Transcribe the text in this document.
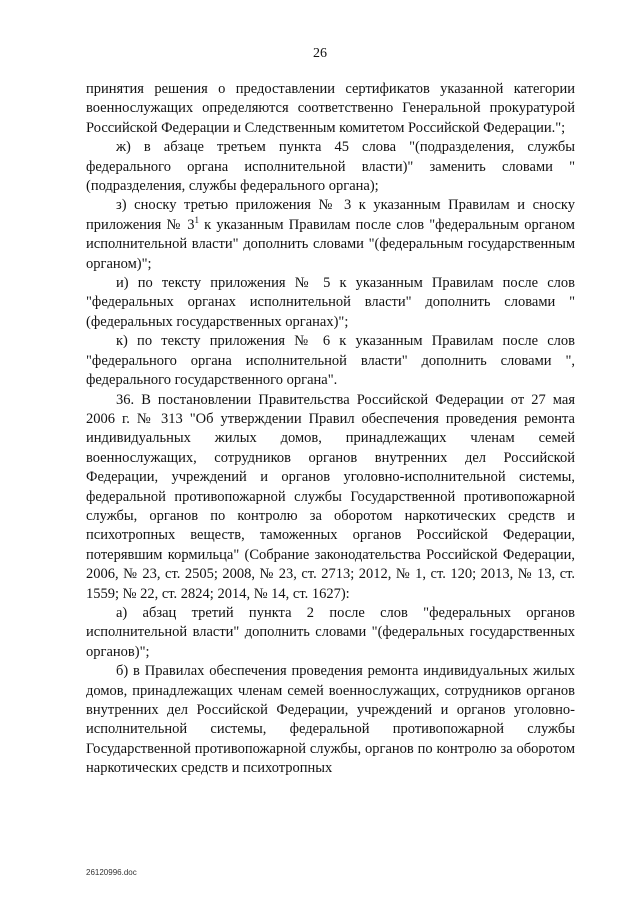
26

принятия решения о предоставлении сертификатов указанной категории военнослужащих определяются соответственно Генеральной прокуратурой Российской Федерации и Следственным комитетом Российской Федерации.";

ж) в абзаце третьем пункта 45 слова "(подразделения, службы федерального органа исполнительной власти)" заменить словами "(подразделения, службы федерального органа);

з) сноску третью приложения № 3 к указанным Правилам и сноску приложения № $3^1$ к указанным Правилам после слов "федеральным органом исполнительной власти" дополнить словами "(федеральным государственным органом)";

и) по тексту приложения № 5 к указанным Правилам после слов "федеральных органах исполнительной власти" дополнить словами "(федеральных государственных органах)";

к) по тексту приложения № 6 к указанным Правилам после слов "федерального органа исполнительной власти" дополнить словами ", федерального государственного органа".

36. В постановлении Правительства Российской Федерации от 27 мая 2006 г. № 313 "Об утверждении Правил обеспечения проведения ремонта индивидуальных жилых домов, принадлежащих членам семей военнослужащих, сотрудников органов внутренних дел Российской Федерации, учреждений и органов уголовно-исполнительной системы, федеральной противопожарной службы Государственной противопожарной службы, органов по контролю за оборотом наркотических средств и психотропных веществ, таможенных органов Российской Федерации, потерявшим кормильца" (Собрание законодательства Российской Федерации, 2006, № 23, ст. 2505; 2008, № 23, ст. 2713; 2012, № 1, ст. 120; 2013, № 13, ст. 1559; № 22, ст. 2824; 2014, № 14, ст. 1627):

а) абзац третий пункта 2 после слов "федеральных органов исполнительной власти" дополнить словами "(федеральных государственных органов)";

б) в Правилах обеспечения проведения ремонта индивидуальных жилых домов, принадлежащих членам семей военнослужащих, сотрудников органов внутренних дел Российской Федерации, учреждений и органов уголовно-исполнительной системы, федеральной противопожарной службы Государственной противопожарной службы, органов по контролю за оборотом наркотических средств и психотропных

26120996.doc
